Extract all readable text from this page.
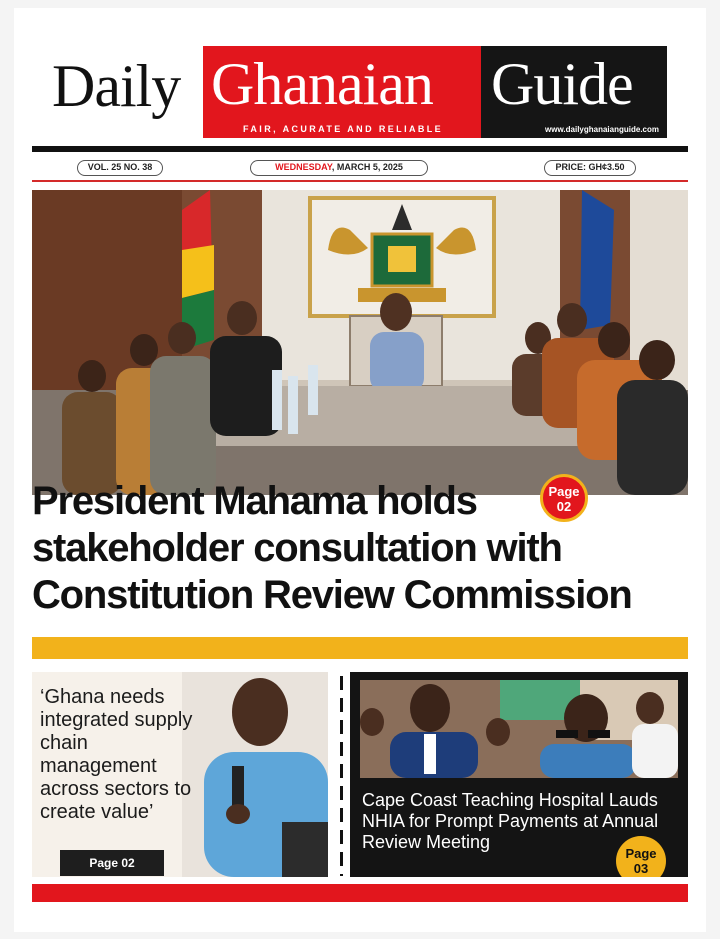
Daily Ghanaian
FAIR, ACURATE AND RELIABLE
Guide
www.dailyghanaianguide.com
VOL. 25 NO. 38	WEDNESDAY, MARCH 5, 2025	PRICE: GH¢3.50
President Mahama holds
stakeholder consultation with
Constitution Review Commission
Page
02
‘Ghana needs integrated supply chain management across sectors to create value’
Page 02
Cape Coast Teaching Hospital Lauds NHIA for Prompt Payments at Annual Review Meeting
Page
03
